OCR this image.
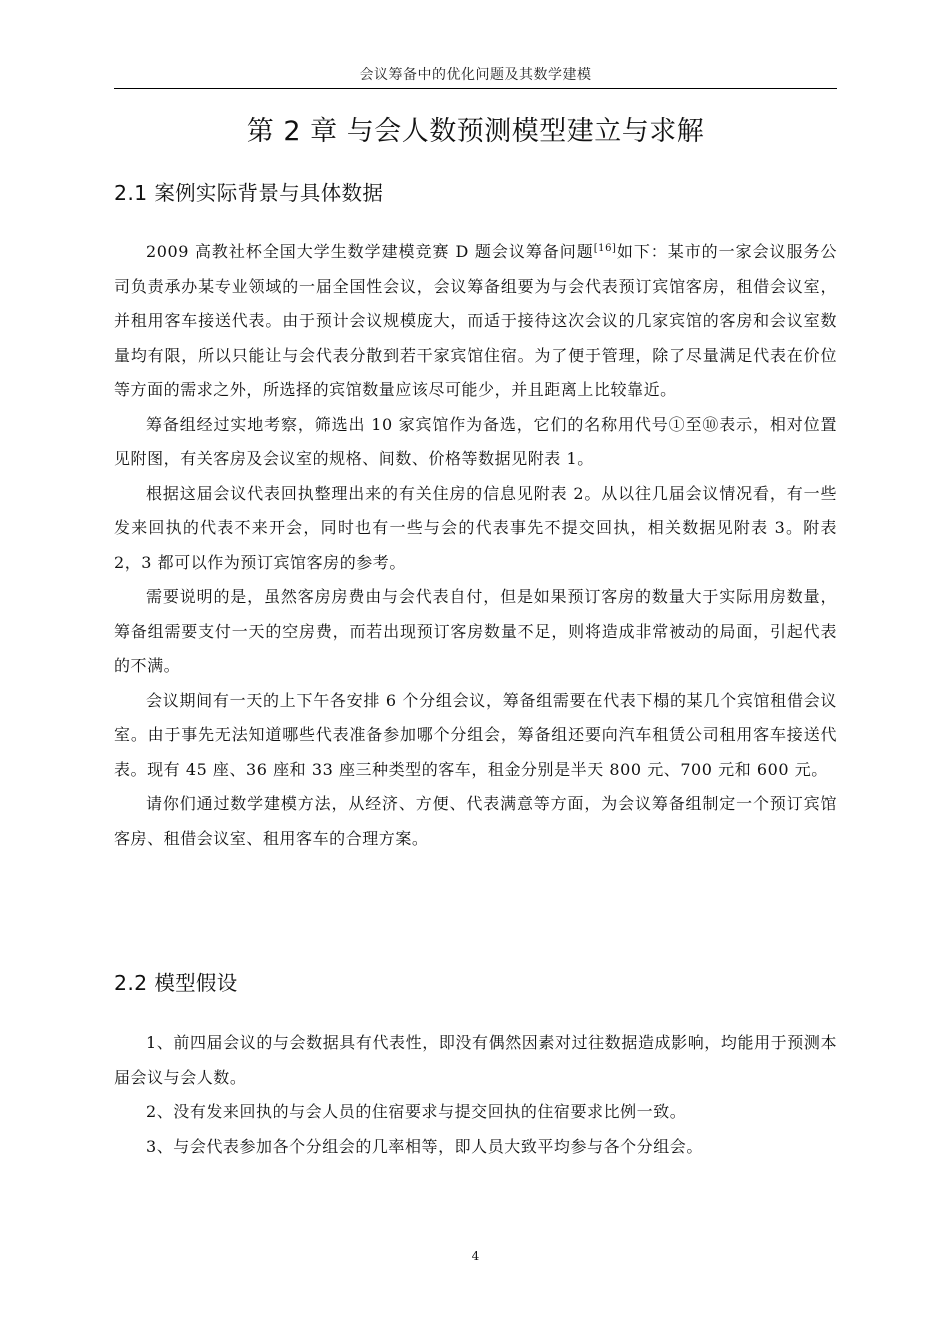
会议筹备中的优化问题及其数学建模
第 2 章 与会人数预测模型建立与求解
2.1 案例实际背景与具体数据

2009 高教社杯全国大学生数学建模竞赛 D 题会议筹备问题[16]如下：某市的一家会议服务公司负责承办某专业领域的一届全国性会议，会议筹备组要为与会代表预订宾馆客房，租借会议室，并租用客车接送代表。由于预计会议规模庞大，而适于接待这次会议的几家宾馆的客房和会议室数量均有限，所以只能让与会代表分散到若干家宾馆住宿。为了便于管理，除了尽量满足代表在价位等方面的需求之外，所选择的宾馆数量应该尽可能少，并且距离上比较靠近。

筹备组经过实地考察，筛选出 10 家宾馆作为备选，它们的名称用代号①至⑩表示，相对位置见附图，有关客房及会议室的规格、间数、价格等数据见附表 1。

根据这届会议代表回执整理出来的有关住房的信息见附表 2。从以往几届会议情况看，有一些发来回执的代表不来开会，同时也有一些与会的代表事先不提交回执，相关数据见附表 3。附表 2，3 都可以作为预订宾馆客房的参考。

需要说明的是，虽然客房房费由与会代表自付，但是如果预订客房的数量大于实际用房数量，筹备组需要支付一天的空房费，而若出现预订客房数量不足，则将造成非常被动的局面，引起代表的不满。

会议期间有一天的上下午各安排 6 个分组会议，筹备组需要在代表下榻的某几个宾馆租借会议室。由于事先无法知道哪些代表准备参加哪个分组会，筹备组还要向汽车租赁公司租用客车接送代表。现有 45 座、36 座和 33 座三种类型的客车，租金分别是半天 800 元、700 元和 600 元。

请你们通过数学建模方法，从经济、方便、代表满意等方面，为会议筹备组制定一个预订宾馆客房、租借会议室、租用客车的合理方案。

2.2 模型假设

1、前四届会议的与会数据具有代表性，即没有偶然因素对过往数据造成影响，均能用于预测本届会议与会人数。

2、没有发来回执的与会人员的住宿要求与提交回执的住宿要求比例一致。

3、与会代表参加各个分组会的几率相等，即人员大致平均参与各个分组会。

4
